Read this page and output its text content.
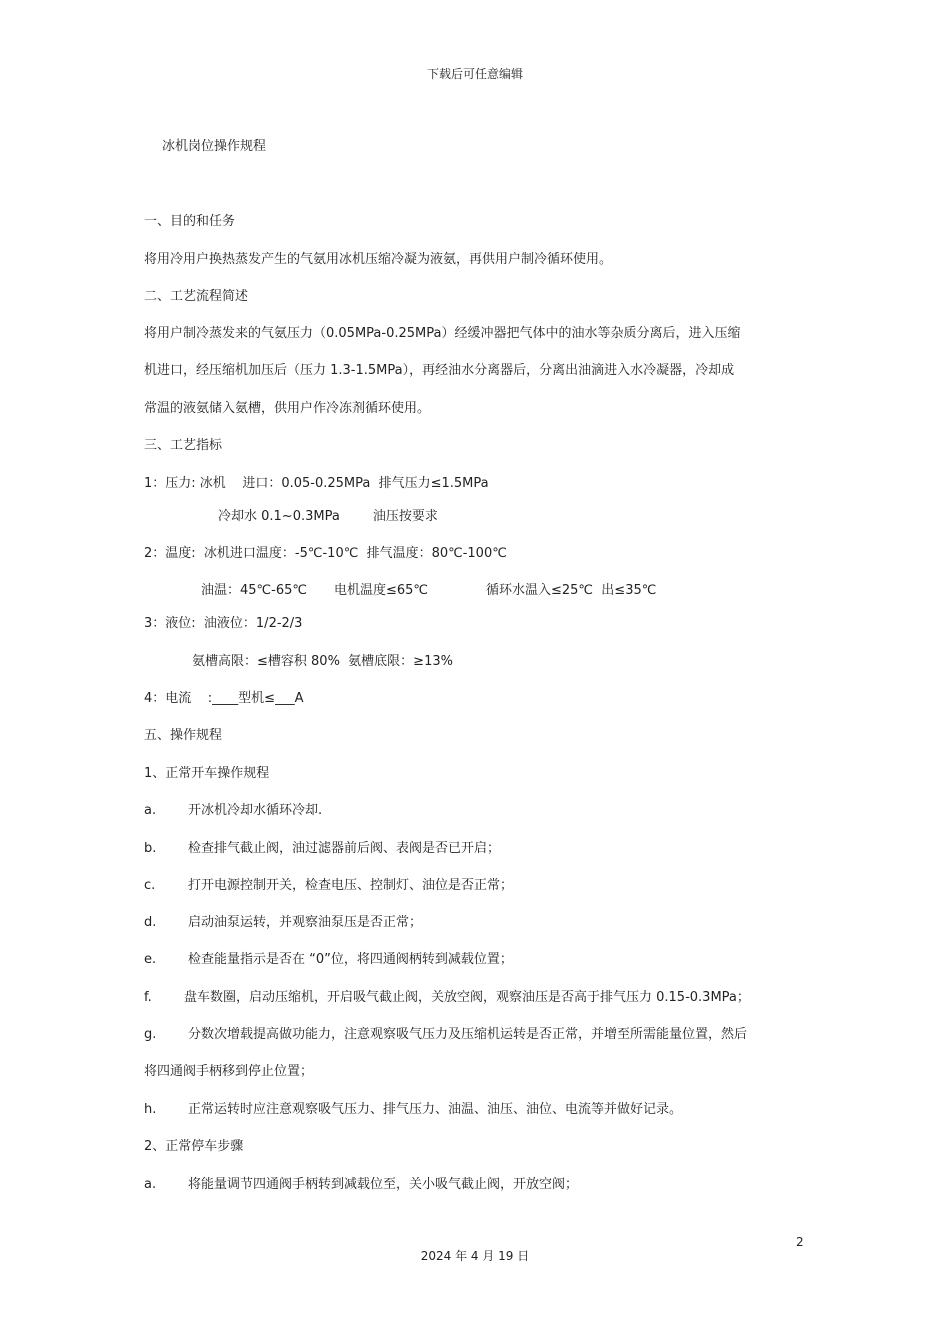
下载后可任意编辑
冰机岗位操作规程
一、目的和任务
将用冷用户换热蒸发产生的气氨用冰机压缩冷凝为液氨，再供用户制冷循环使用。
二、工艺流程简述
将用户制冷蒸发来的气氨压力（0.05MPa-0.25MPa）经缓冲器把气体中的油水等杂质分离后，进入压缩
机进口，经压缩机加压后（压力 1.3-1.5MPa），再经油水分离器后，分离出油滴进入水冷凝器，冷却成
常温的液氨储入氨槽，供用户作冷冻剂循环使用。
三、工艺指标
1：压力: 冰机    进口：0.05-0.25MPa  排气压力≤1.5MPa
冷却水 0.1~0.3MPa        油压按要求
2：温度:  冰机进口温度：-5℃-10℃  排气温度：80℃-100℃
油温：45℃-65℃ 电机温度≤65℃	循环水温入≤25℃  出≤35℃
3：液位:  油液位：1/2-2/3
氨槽高限：≤槽容积 80%  氨槽底限：≥13%
4：电流    :____型机≤___A
五、操作规程
1、正常开车操作规程
a. 开冰机冷却水循环冷却.
b. 检查排气截止阀，油过滤器前后阀、表阀是否已开启；
c.	打开电源控制开关，检查电压、控制灯、油位是否正常；
d. 启动油泵运转，并观察油泵压是否正常；
e. 检查能量指示是否在 “0”位，将四通阀柄转到减载位置；
f. 盘车数圈，启动压缩机，开启吸气截止阀，关放空阀，观察油压是否高于排气压力 0.15-0.3MPa；
g. 分数次增载提高做功能力，注意观察吸气压力及压缩机运转是否正常，并增至所需能量位置，然后
将四通阀手柄移到停止位置；
h. 正常运转时应注意观察吸气压力、排气压力、油温、油压、油位、电流等并做好记录。
2、正常停车步骤
a. 将能量调节四通阀手柄转到减载位至，关小吸气截止阀，开放空阀；
2
2024 年 4 月 19 日
